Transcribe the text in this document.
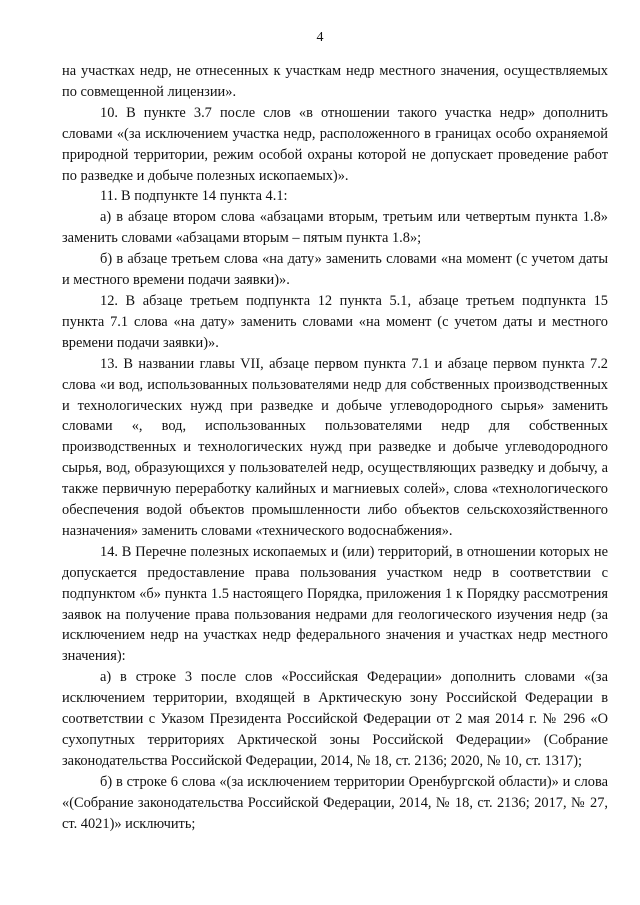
4

на участках недр, не отнесенных к участкам недр местного значения, осуществляемых по совмещенной лицензии».

10. В пункте 3.7 после слов «в отношении такого участка недр» дополнить словами «(за исключением участка недр, расположенного в границах особо охраняемой природной территории, режим особой охраны которой не допускает проведение работ по разведке и добыче полезных ископаемых)».

11. В подпункте 14 пункта 4.1:

а) в абзаце втором слова «абзацами вторым, третьим или четвертым пункта 1.8» заменить словами «абзацами вторым – пятым пункта 1.8»;

б) в абзаце третьем слова «на дату» заменить словами «на момент (с учетом даты и местного времени подачи заявки)».

12. В абзаце третьем подпункта 12 пункта 5.1, абзаце третьем подпункта 15 пункта 7.1 слова «на дату» заменить словами «на момент (с учетом даты и местного времени подачи заявки)».

13. В названии главы VII, абзаце первом пункта 7.1 и абзаце первом пункта 7.2 слова «и вод, использованных пользователями недр для собственных производственных и технологических нужд при разведке и добыче углеводородного сырья» заменить словами «, вод, использованных пользователями недр для собственных производственных и технологических нужд при разведке и добыче углеводородного сырья, вод, образующихся у пользователей недр, осуществляющих разведку и добычу, а также первичную переработку калийных и магниевых солей», слова «технологического обеспечения водой объектов промышленности либо объектов сельскохозяйственного назначения» заменить словами «технического водоснабжения».

14. В Перечне полезных ископаемых и (или) территорий, в отношении которых не допускается предоставление права пользования участком недр в соответствии с подпунктом «б» пункта 1.5 настоящего Порядка, приложения 1 к Порядку рассмотрения заявок на получение права пользования недрами для геологического изучения недр (за исключением недр на участках недр федерального значения и участках недр местного значения):

а) в строке 3 после слов «Российская Федерации» дополнить словами «(за исключением территории, входящей в Арктическую зону Российской Федерации в соответствии с Указом Президента Российской Федерации от 2 мая 2014 г. № 296 «О сухопутных территориях Арктической зоны Российской Федерации» (Собрание законодательства Российской Федерации, 2014, № 18, ст. 2136; 2020, № 10, ст. 1317);

б) в строке 6 слова «(за исключением территории Оренбургской области)» и слова «(Собрание законодательства Российской Федерации, 2014, № 18, ст. 2136; 2017, № 27, ст. 4021)» исключить;
